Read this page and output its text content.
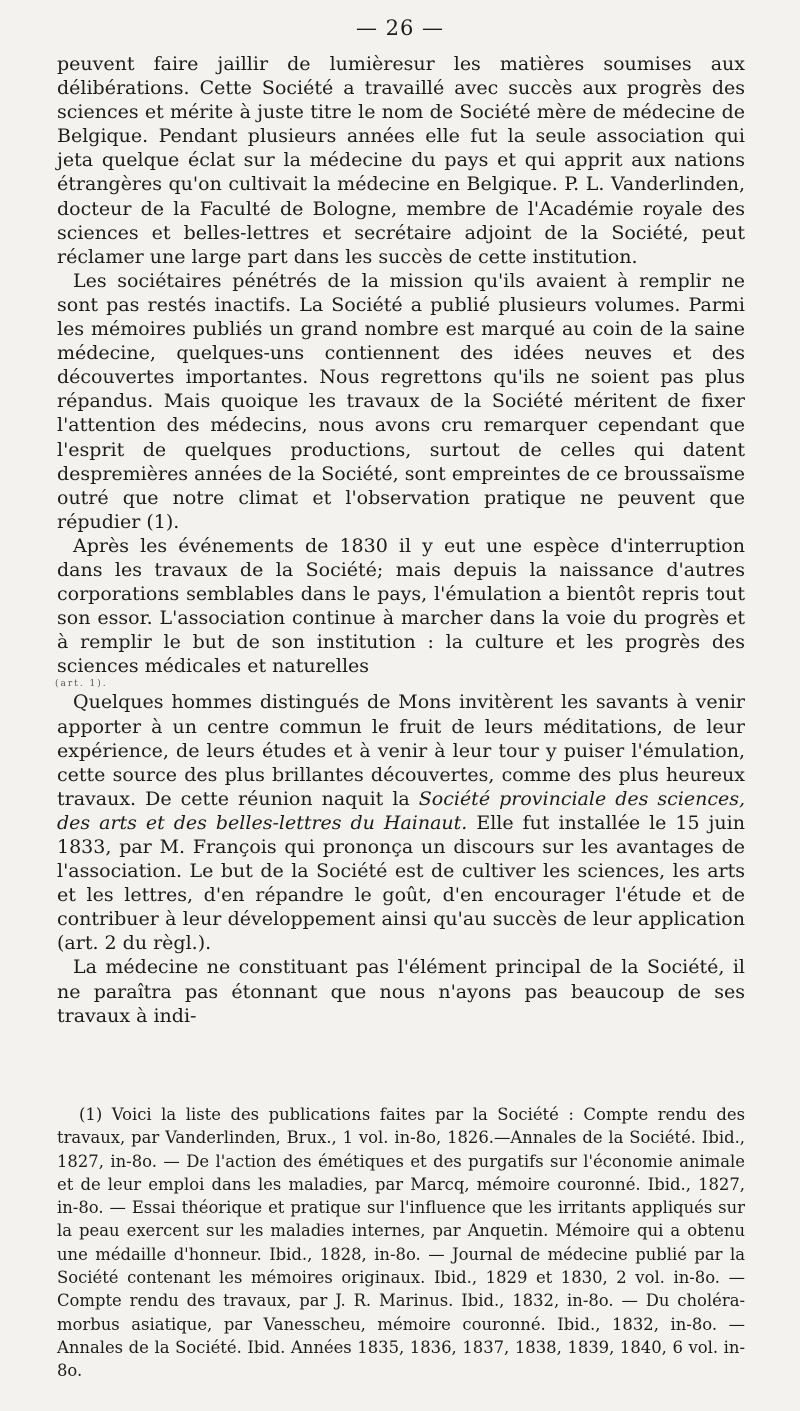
— 26 —

peuvent faire jaillir de lumièresur les matières soumises aux délibérations. Cette Société a travaillé avec succès aux progrès des sciences et mérite à juste titre le nom de Société mère de médecine de Belgique. Pendant plusieurs années elle fut la seule association qui jeta quelque éclat sur la médecine du pays et qui apprit aux nations étrangères qu'on cultivait la médecine en Belgique. P. L. Vanderlinden, docteur de la Faculté de Bologne, membre de l'Académie royale des sciences et belles-lettres et secrétaire adjoint de la Société, peut réclamer une large part dans les succès de cette institution.

Les sociétaires pénétrés de la mission qu'ils avaient à remplir ne sont pas restés inactifs. La Société a publié plusieurs volumes. Parmi les mémoires publiés un grand nombre est marqué au coin de la saine médecine, quelques-uns contiennent des idées neuves et des découvertes importantes. Nous regrettons qu'ils ne soient pas plus répandus. Mais quoique les travaux de la Société méritent de fixer l'attention des médecins, nous avons cru remarquer cependant que l'esprit de quelques productions, surtout de celles qui datent despremières années de la Société, sont empreintes de ce broussaïsme outré que notre climat et l'observation pratique ne peuvent que répudier (1).

Après les événements de 1830 il y eut une espèce d'interruption dans les travaux de la Société; mais depuis la naissance d'autres corporations semblables dans le pays, l'émulation a bientôt repris tout son essor. L'association continue à marcher dans la voie du progrès et à remplir le but de son institution : la culture et les progrès des sciences médicales et naturelles
(art. 1).

Quelques hommes distingués de Mons invitèrent les savants à venir apporter à un centre commun le fruit de leurs méditations, de leur expérience, de leurs études et à venir à leur tour y puiser l'émulation, cette source des plus brillantes découvertes, comme des plus heureux travaux. De cette réunion naquit la Société provinciale des sciences, des arts et des belles-lettres du Hainaut. Elle fut installée le 15 juin 1833, par M. François qui prononça un discours sur les avantages de l'association. Le but de la Société est de cultiver les sciences, les arts et les lettres, d'en répandre le goût, d'en encourager l'étude et de contribuer à leur développement ainsi qu'au succès de leur application (art. 2 du règl.).

La médecine ne constituant pas l'élément principal de la Société, il ne paraîtra pas étonnant que nous n'ayons pas beaucoup de ses travaux à indi-

(1) Voici la liste des publications faites par la Société : Compte rendu des travaux, par Vanderlinden, Brux., 1 vol. in-8o, 1826.—Annales de la Société. Ibid., 1827, in-8o. — De l'action des émétiques et des purgatifs sur l'économie animale et de leur emploi dans les maladies, par Marcq, mémoire couronné. Ibid., 1827, in-8o. — Essai théorique et pratique sur l'influence que les irritants appliqués sur la peau exercent sur les maladies internes, par Anquetin. Mémoire qui a obtenu une médaille d'honneur. Ibid., 1828, in-8o. — Journal de médecine publié par la Société contenant les mémoires originaux. Ibid., 1829 et 1830, 2 vol. in-8o. — Compte rendu des travaux, par J. R. Marinus. Ibid., 1832, in-8o. — Du choléra-morbus asiatique, par Vanesscheu, mémoire couronné. Ibid., 1832, in-8o. — Annales de la Société. Ibid. Années 1835, 1836, 1837, 1838, 1839, 1840, 6 vol. in-8o.
